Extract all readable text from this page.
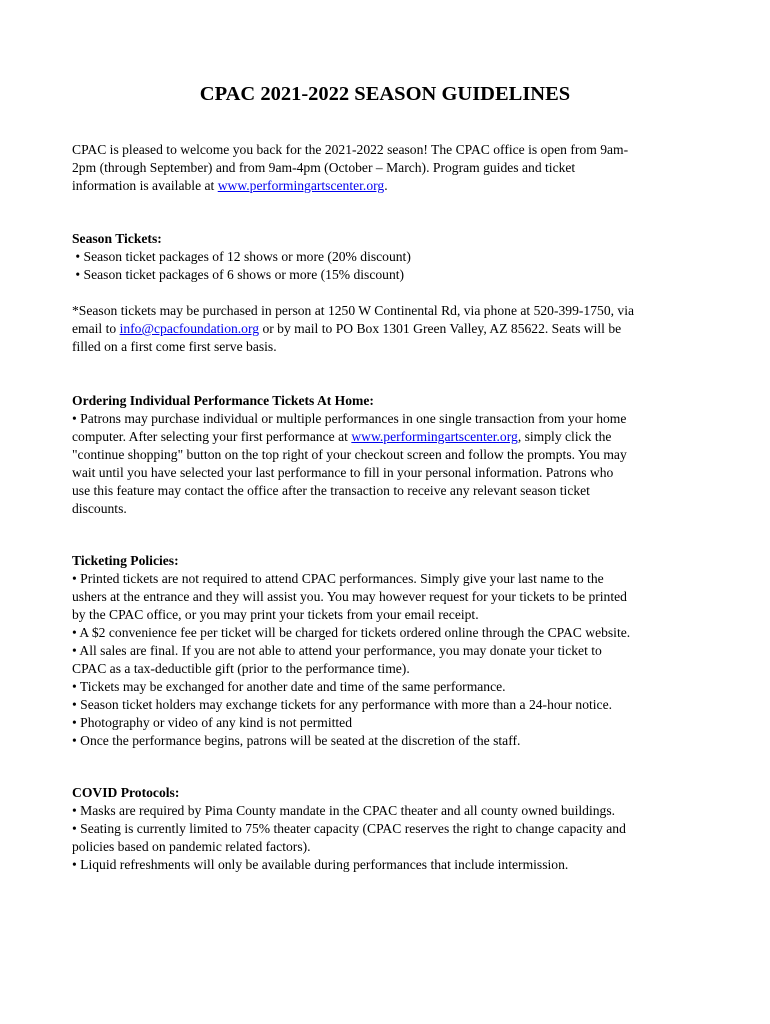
CPAC 2021-2022 SEASON GUIDELINES
CPAC is pleased to welcome you back for the 2021-2022 season! The CPAC office is open from 9am-
2pm (through September) and from 9am-4pm (October – March). Program guides and ticket
information is available at www.performingartscenter.org.
Season Tickets:
• Season ticket packages of 12 shows or more (20% discount)
• Season ticket packages of 6 shows or more (15% discount)
*Season tickets may be purchased in person at 1250 W Continental Rd, via phone at 520-399-1750, via
email to info@cpacfoundation.org or by mail to PO Box 1301 Green Valley, AZ 85622. Seats will be
filled on a first come first serve basis.
Ordering Individual Performance Tickets At Home:
• Patrons may purchase individual or multiple performances in one single transaction from your home
computer. After selecting your first performance at www.performingartscenter.org, simply click the
"continue shopping" button on the top right of your checkout screen and follow the prompts. You may
wait until you have selected your last performance to fill in your personal information. Patrons who
use this feature may contact the office after the transaction to receive any relevant season ticket
discounts.
Ticketing Policies:
• Printed tickets are not required to attend CPAC performances. Simply give your last name to the
ushers at the entrance and they will assist you. You may however request for your tickets to be printed
by the CPAC office, or you may print your tickets from your email receipt.
• A $2 convenience fee per ticket will be charged for tickets ordered online through the CPAC website.
• All sales are final. If you are not able to attend your performance, you may donate your ticket to
CPAC as a tax-deductible gift (prior to the performance time).
• Tickets may be exchanged for another date and time of the same performance.
• Season ticket holders may exchange tickets for any performance with more than a 24-hour notice.
• Photography or video of any kind is not permitted
• Once the performance begins, patrons will be seated at the discretion of the staff.
COVID Protocols:
• Masks are required by Pima County mandate in the CPAC theater and all county owned buildings.
• Seating is currently limited to 75% theater capacity (CPAC reserves the right to change capacity and
policies based on pandemic related factors).
• Liquid refreshments will only be available during performances that include intermission.
